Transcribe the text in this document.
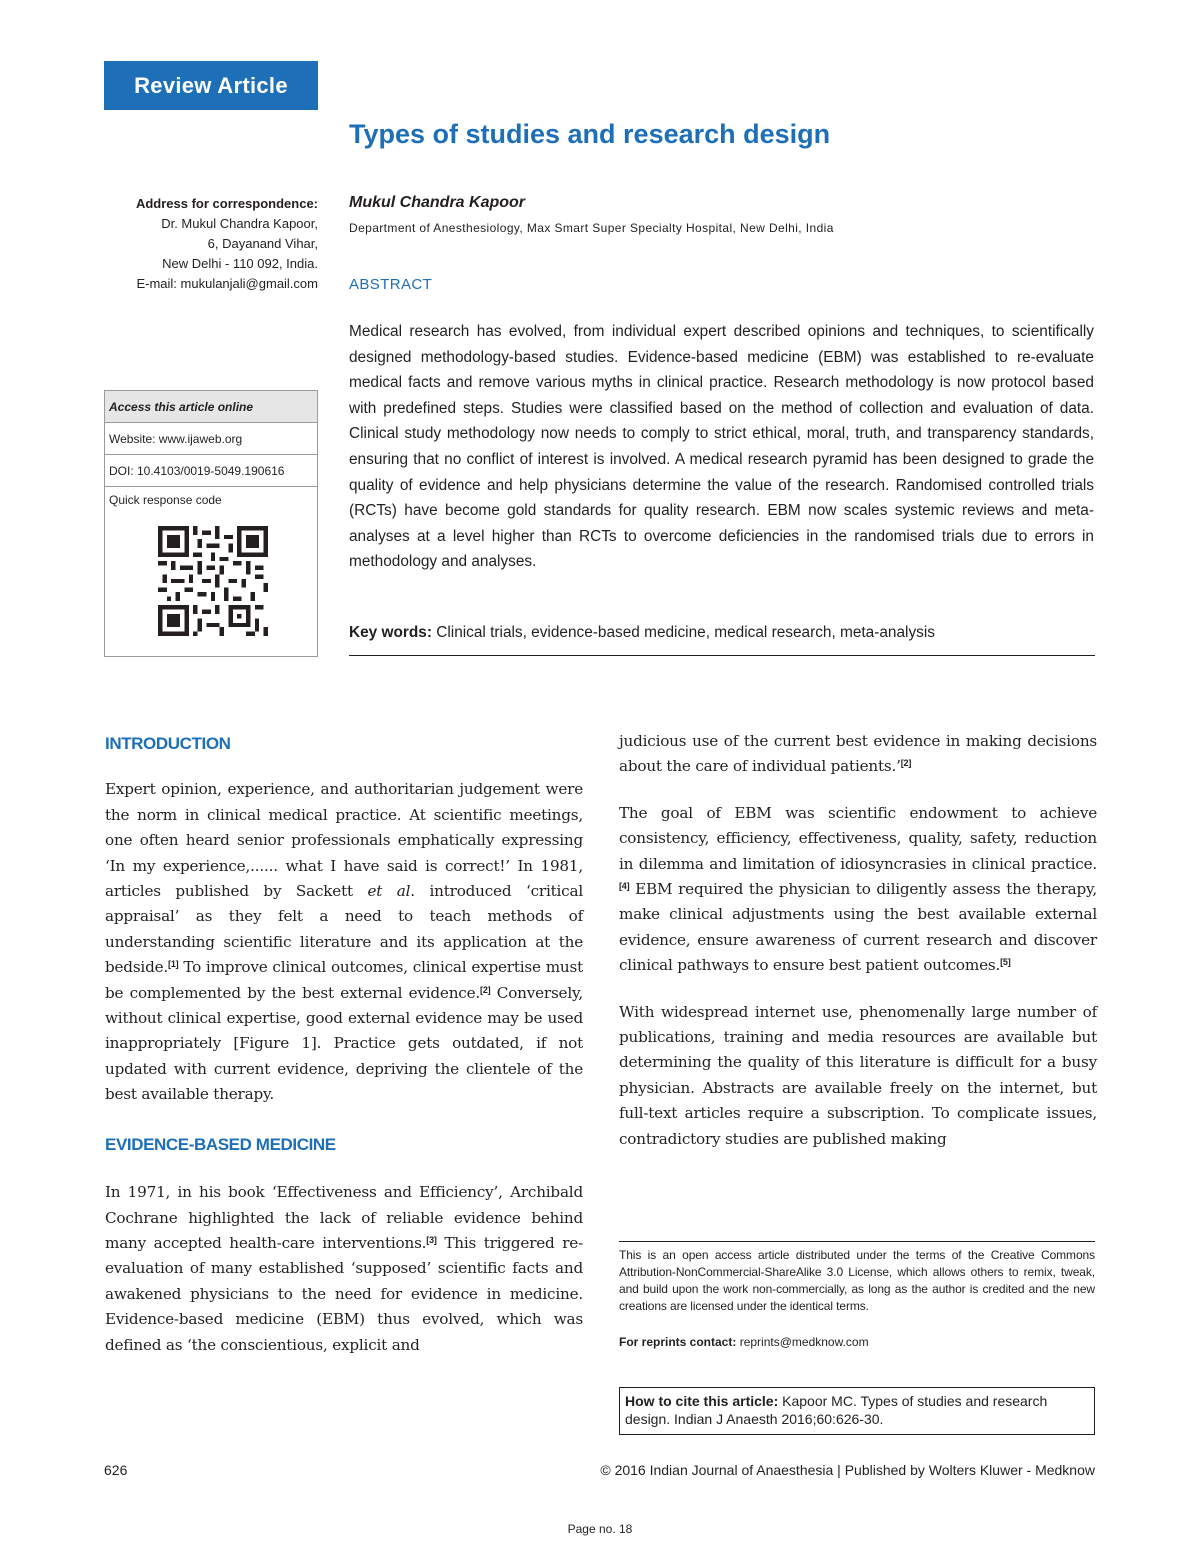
Review Article
Types of studies and research design
Address for correspondence:
Dr. Mukul Chandra Kapoor,
6, Dayanand Vihar,
New Delhi - 110 092, India.
E-mail: mukulanjali@gmail.com
Mukul Chandra Kapoor
Department of Anesthesiology, Max Smart Super Specialty Hospital, New Delhi, India
ABSTRACT
Medical research has evolved, from individual expert described opinions and techniques, to scientifically designed methodology-based studies. Evidence-based medicine (EBM) was established to re-evaluate medical facts and remove various myths in clinical practice. Research methodology is now protocol based with predefined steps. Studies were classified based on the method of collection and evaluation of data. Clinical study methodology now needs to comply to strict ethical, moral, truth, and transparency standards, ensuring that no conflict of interest is involved. A medical research pyramid has been designed to grade the quality of evidence and help physicians determine the value of the research. Randomised controlled trials (RCTs) have become gold standards for quality research. EBM now scales systemic reviews and meta-analyses at a level higher than RCTs to overcome deficiencies in the randomised trials due to errors in methodology and analyses.
Key words: Clinical trials, evidence-based medicine, medical research, meta-analysis
Access this article online
Website: www.ijaweb.org
DOI: 10.4103/0019-5049.190616
Quick response code
INTRODUCTION

Expert opinion, experience, and authoritarian judgement were the norm in clinical medical practice. At scientific meetings, one often heard senior professionals emphatically expressing ‘In my experience,...... what I have said is correct!’ In 1981, articles published by Sackett et al. introduced ‘critical appraisal’ as they felt a need to teach methods of understanding scientific literature and its application at the bedside.[1] To improve clinical outcomes, clinical expertise must be complemented by the best external evidence.[2] Conversely, without clinical expertise, good external evidence may be used inappropriately [Figure 1]. Practice gets outdated, if not updated with current evidence, depriving the clientele of the best available therapy.

EVIDENCE-BASED MEDICINE

In 1971, in his book ‘Effectiveness and Efficiency’, Archibald Cochrane highlighted the lack of reliable evidence behind many accepted health-care interventions.[3] This triggered re-evaluation of many established ‘supposed’ scientific facts and awakened physicians to the need for evidence in medicine. Evidence-based medicine (EBM) thus evolved, which was defined as ‘the conscientious, explicit and

judicious use of the current best evidence in making decisions about the care of individual patients.’[2]

The goal of EBM was scientific endowment to achieve consistency, efficiency, effectiveness, quality, safety, reduction in dilemma and limitation of idiosyncrasies in clinical practice.[4] EBM required the physician to diligently assess the therapy, make clinical adjustments using the best available external evidence, ensure awareness of current research and discover clinical pathways to ensure best patient outcomes.[5]

With widespread internet use, phenomenally large number of publications, training and media resources are available but determining the quality of this literature is difficult for a busy physician. Abstracts are available freely on the internet, but full-text articles require a subscription. To complicate issues, contradictory studies are published making

This is an open access article distributed under the terms of the Creative Commons Attribution-NonCommercial-ShareAlike 3.0 License, which allows others to remix, tweak, and build upon the work non-commercially, as long as the author is credited and the new creations are licensed under the identical terms.
For reprints contact: reprints@medknow.com
How to cite this article: Kapoor MC. Types of studies and research design. Indian J Anaesth 2016;60:626-30.
626	© 2016 Indian Journal of Anaesthesia | Published by Wolters Kluwer - Medknow
Page no. 18
